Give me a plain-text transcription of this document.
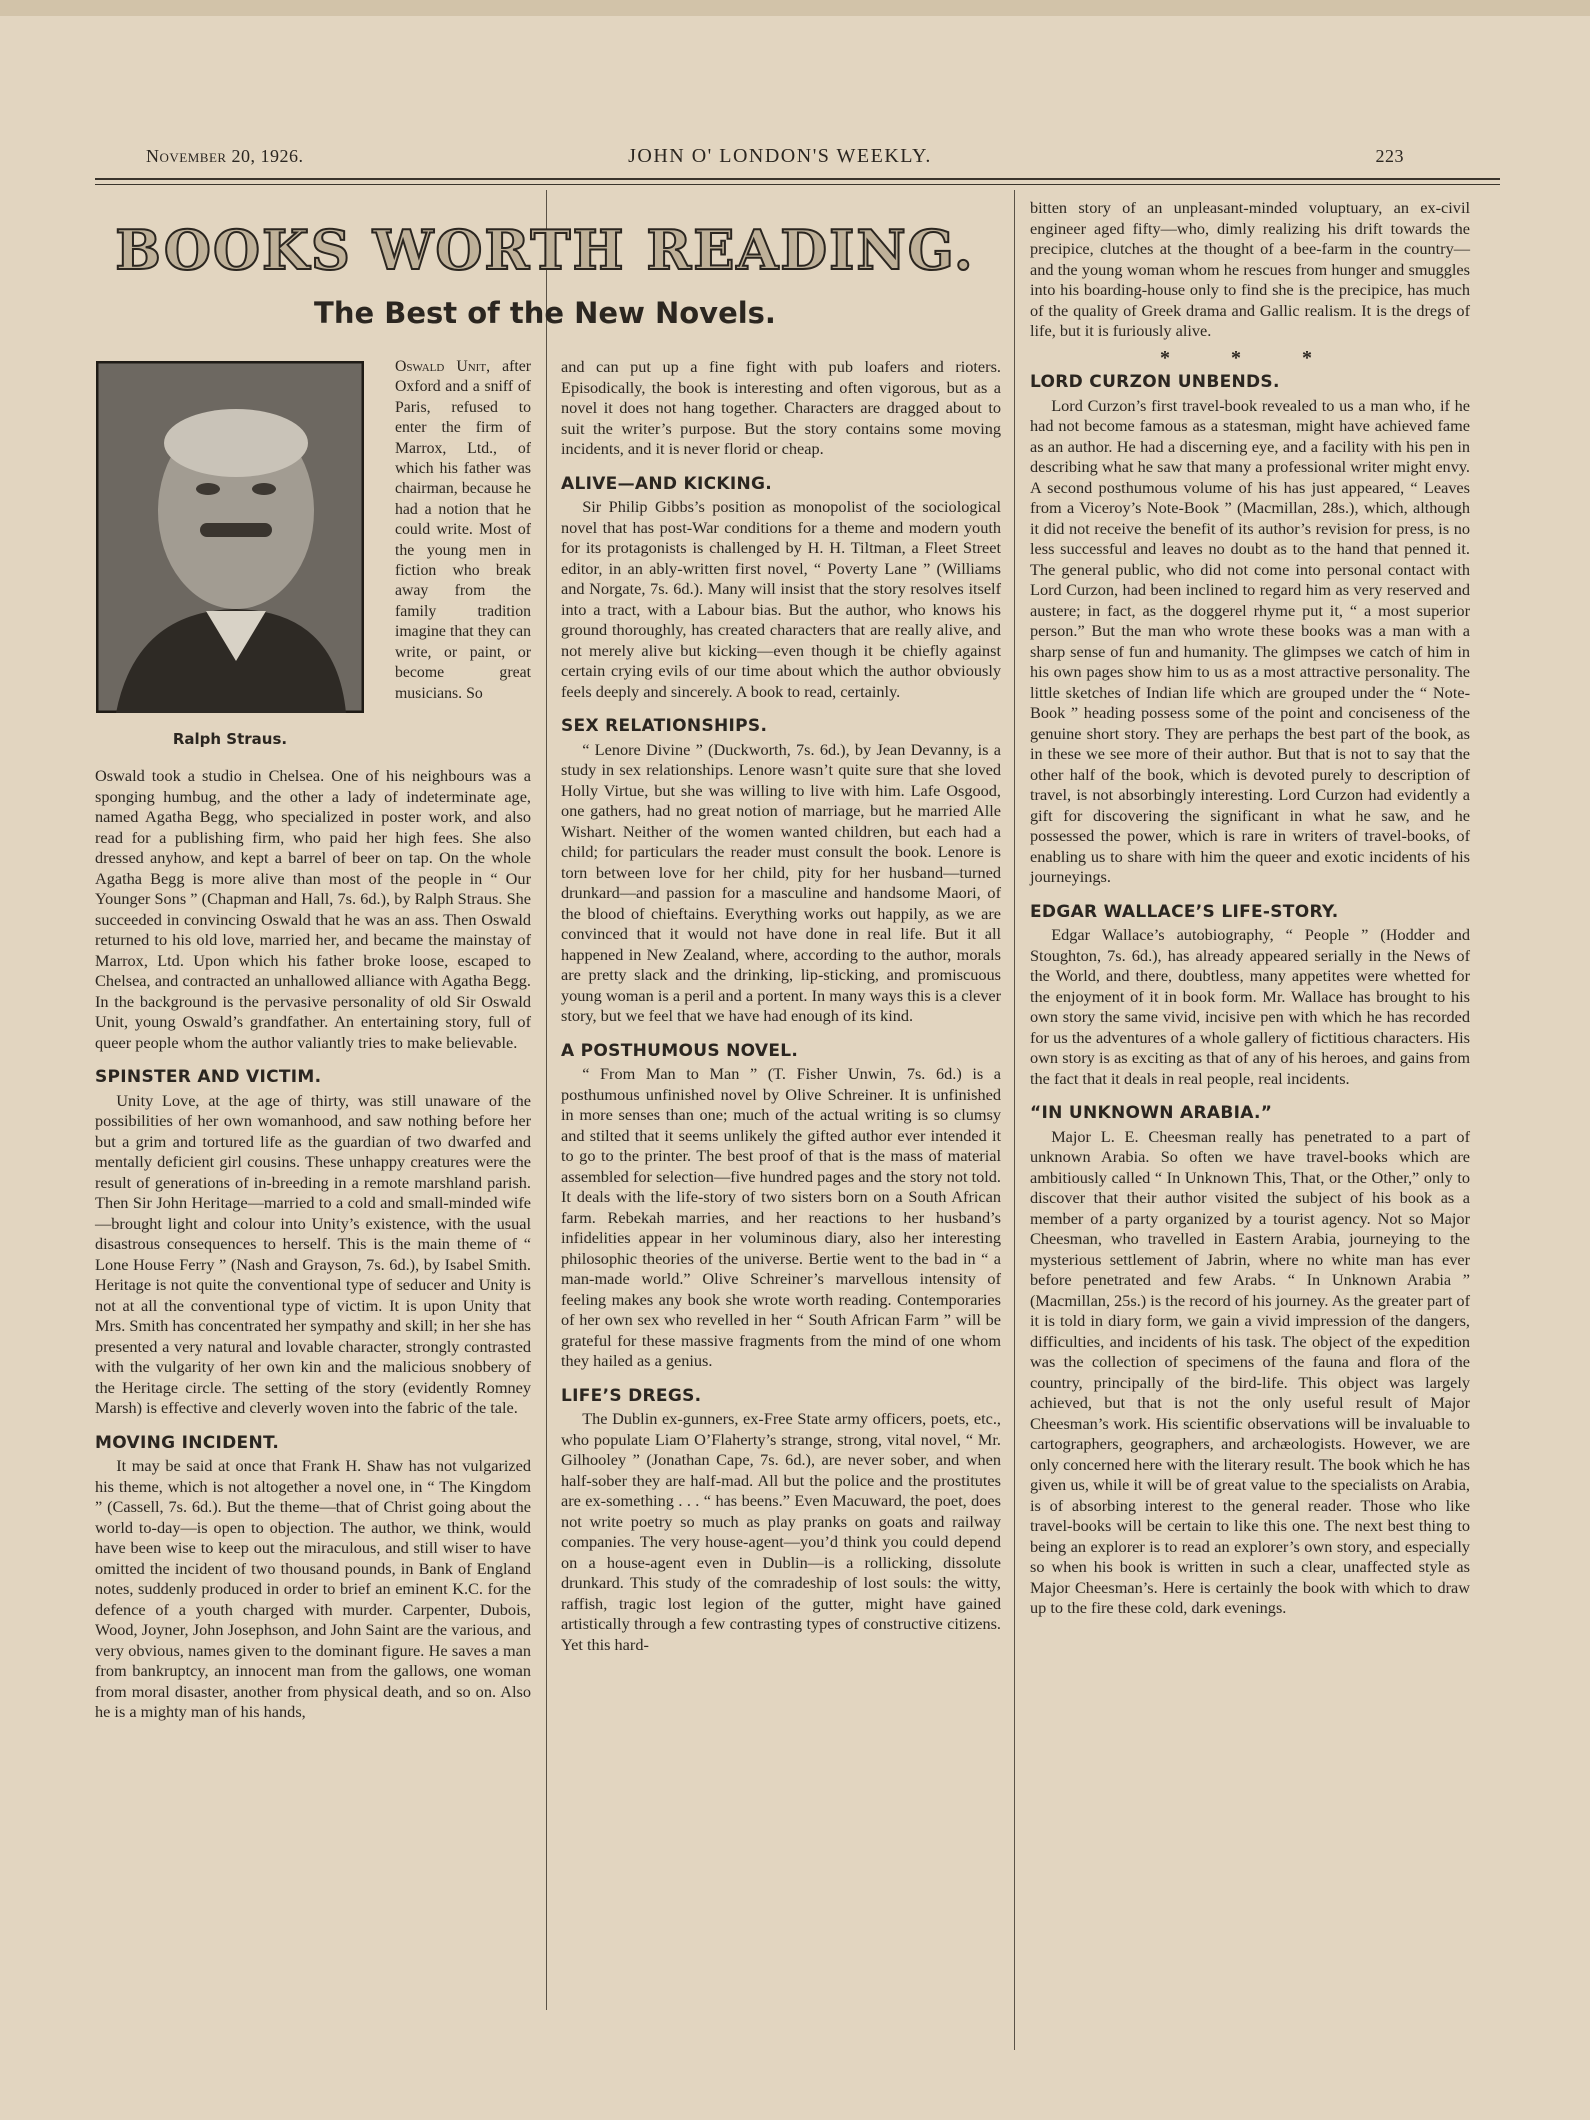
November 20, 1926.	JOHN O' LONDON'S WEEKLY.	223
BOOKS WORTH READING.
The Best of the New Novels.
Ralph Straus.

Oswald Unit, after Oxford and a sniff of Paris, refused to enter the firm of Marrox, Ltd., of which his father was chairman, because he had a notion that he could write. Most of the young men in fiction who break away from the family tradition imagine that they can write, or paint, or become great musicians. So

Oswald took a studio in Chelsea. One of his neighbours was a sponging humbug, and the other a lady of indeterminate age, named Agatha Begg, who specialized in poster work, and also read for a publishing firm, who paid her high fees. She also dressed anyhow, and kept a barrel of beer on tap. On the whole Agatha Begg is more alive than most of the people in “ Our Younger Sons ” (Chapman and Hall, 7s. 6d.), by Ralph Straus. She succeeded in convincing Oswald that he was an ass. Then Oswald returned to his old love, married her, and became the mainstay of Marrox, Ltd. Upon which his father broke loose, escaped to Chelsea, and contracted an unhallowed alliance with Agatha Begg. In the background is the pervasive personality of old Sir Oswald Unit, young Oswald’s grandfather. An entertaining story, full of queer people whom the author valiantly tries to make believable.

SPINSTER AND VICTIM.

Unity Love, at the age of thirty, was still unaware of the possibilities of her own womanhood, and saw nothing before her but a grim and tortured life as the guardian of two dwarfed and mentally deficient girl cousins. These unhappy creatures were the result of generations of in-breeding in a remote marshland parish. Then Sir John Heritage—married to a cold and small-minded wife—brought light and colour into Unity’s existence, with the usual disastrous consequences to herself. This is the main theme of “ Lone House Ferry ” (Nash and Grayson, 7s. 6d.), by Isabel Smith. Heritage is not quite the conventional type of seducer and Unity is not at all the conventional type of victim. It is upon Unity that Mrs. Smith has concentrated her sympathy and skill; in her she has presented a very natural and lovable character, strongly contrasted with the vulgarity of her own kin and the malicious snobbery of the Heritage circle. The setting of the story (evidently Romney Marsh) is effective and cleverly woven into the fabric of the tale.

MOVING INCIDENT.

It may be said at once that Frank H. Shaw has not vulgarized his theme, which is not altogether a novel one, in “ The Kingdom ” (Cassell, 7s. 6d.). But the theme—that of Christ going about the world to-day—is open to objection. The author, we think, would have been wise to keep out the miraculous, and still wiser to have omitted the incident of two thousand pounds, in Bank of England notes, suddenly produced in order to brief an eminent K.C. for the defence of a youth charged with murder. Carpenter, Dubois, Wood, Joyner, John Josephson, and John Saint are the various, and very obvious, names given to the dominant figure. He saves a man from bankruptcy, an innocent man from the gallows, one woman from moral disaster, another from physical death, and so on. Also he is a mighty man of his hands,

and can put up a fine fight with pub loafers and rioters. Episodically, the book is interesting and often vigorous, but as a novel it does not hang together. Characters are dragged about to suit the writer’s purpose. But the story contains some moving incidents, and it is never florid or cheap.

ALIVE—AND KICKING.

Sir Philip Gibbs’s position as monopolist of the sociological novel that has post-War conditions for a theme and modern youth for its protagonists is challenged by H. H. Tiltman, a Fleet Street editor, in an ably-written first novel, “ Poverty Lane ” (Williams and Norgate, 7s. 6d.). Many will insist that the story resolves itself into a tract, with a Labour bias. But the author, who knows his ground thoroughly, has created characters that are really alive, and not merely alive but kicking—even though it be chiefly against certain crying evils of our time about which the author obviously feels deeply and sincerely. A book to read, certainly.

SEX RELATIONSHIPS.

“ Lenore Divine ” (Duckworth, 7s. 6d.), by Jean Devanny, is a study in sex relationships. Lenore wasn’t quite sure that she loved Holly Virtue, but she was willing to live with him. Lafe Osgood, one gathers, had no great notion of marriage, but he married Alle Wishart. Neither of the women wanted children, but each had a child; for particulars the reader must consult the book. Lenore is torn between love for her child, pity for her husband—turned drunkard—and passion for a masculine and handsome Maori, of the blood of chieftains. Everything works out happily, as we are convinced that it would not have done in real life. But it all happened in New Zealand, where, according to the author, morals are pretty slack and the drinking, lip-sticking, and promiscuous young woman is a peril and a portent. In many ways this is a clever story, but we feel that we have had enough of its kind.

A POSTHUMOUS NOVEL.

“ From Man to Man ” (T. Fisher Unwin, 7s. 6d.) is a posthumous unfinished novel by Olive Schreiner. It is unfinished in more senses than one; much of the actual writing is so clumsy and stilted that it seems unlikely the gifted author ever intended it to go to the printer. The best proof of that is the mass of material assembled for selection—five hundred pages and the story not told. It deals with the life-story of two sisters born on a South African farm. Rebekah marries, and her reactions to her husband’s infidelities appear in her voluminous diary, also her interesting philosophic theories of the universe. Bertie went to the bad in “ a man-made world.” Olive Schreiner’s marvellous intensity of feeling makes any book she wrote worth reading. Contemporaries of her own sex who revelled in her “ South African Farm ” will be grateful for these massive fragments from the mind of one whom they hailed as a genius.

LIFE’S DREGS.

The Dublin ex-gunners, ex-Free State army officers, poets, etc., who populate Liam O’Flaherty’s strange, strong, vital novel, “ Mr. Gilhooley ” (Jonathan Cape, 7s. 6d.), are never sober, and when half-sober they are half-mad. All but the police and the prostitutes are ex-something . . . “ has beens.” Even Macuward, the poet, does not write poetry so much as play pranks on goats and railway companies. The very house-agent—you’d think you could depend on a house-agent even in Dublin—is a rollicking, dissolute drunkard. This study of the comradeship of lost souls: the witty, raffish, tragic lost legion of the gutter, might have gained artistically through a few contrasting types of constructive citizens. Yet this hard-

bitten story of an unpleasant-minded voluptuary, an ex-civil engineer aged fifty—who, dimly realizing his drift towards the precipice, clutches at the thought of a bee-farm in the country—and the young woman whom he rescues from hunger and smuggles into his boarding-house only to find she is the precipice, has much of the quality of Greek drama and Gallic realism. It is the dregs of life, but it is furiously alive.

* * *
LORD CURZON UNBENDS.

Lord Curzon’s first travel-book revealed to us a man who, if he had not become famous as a statesman, might have achieved fame as an author. He had a discerning eye, and a facility with his pen in describing what he saw that many a professional writer might envy. A second posthumous volume of his has just appeared, “ Leaves from a Viceroy’s Note-Book ” (Macmillan, 28s.), which, although it did not receive the benefit of its author’s revision for press, is no less successful and leaves no doubt as to the hand that penned it. The general public, who did not come into personal contact with Lord Curzon, had been inclined to regard him as very reserved and austere; in fact, as the doggerel rhyme put it, “ a most superior person.” But the man who wrote these books was a man with a sharp sense of fun and humanity. The glimpses we catch of him in his own pages show him to us as a most attractive personality. The little sketches of Indian life which are grouped under the “ Note-Book ” heading possess some of the point and conciseness of the genuine short story. They are perhaps the best part of the book, as in these we see more of their author. But that is not to say that the other half of the book, which is devoted purely to description of travel, is not absorbingly interesting. Lord Curzon had evidently a gift for discovering the significant in what he saw, and he possessed the power, which is rare in writers of travel-books, of enabling us to share with him the queer and exotic incidents of his journeyings.

EDGAR WALLACE’S LIFE-STORY.

Edgar Wallace’s autobiography, “ People ” (Hodder and Stoughton, 7s. 6d.), has already appeared serially in the News of the World, and there, doubtless, many appetites were whetted for the enjoyment of it in book form. Mr. Wallace has brought to his own story the same vivid, incisive pen with which he has recorded for us the adventures of a whole gallery of fictitious characters. His own story is as exciting as that of any of his heroes, and gains from the fact that it deals in real people, real incidents.

“IN UNKNOWN ARABIA.”

Major L. E. Cheesman really has penetrated to a part of unknown Arabia. So often we have travel-books which are ambitiously called “ In Unknown This, That, or the Other,” only to discover that their author visited the subject of his book as a member of a party organized by a tourist agency. Not so Major Cheesman, who travelled in Eastern Arabia, journeying to the mysterious settlement of Jabrin, where no white man has ever before penetrated and few Arabs. “ In Unknown Arabia ” (Macmillan, 25s.) is the record of his journey. As the greater part of it is told in diary form, we gain a vivid impression of the dangers, difficulties, and incidents of his task. The object of the expedition was the collection of specimens of the fauna and flora of the country, principally of the bird-life. This object was largely achieved, but that is not the only useful result of Major Cheesman’s work. His scientific observations will be invaluable to cartographers, geographers, and archæologists. However, we are only concerned here with the literary result. The book which he has given us, while it will be of great value to the specialists on Arabia, is of absorbing interest to the general reader. Those who like travel-books will be certain to like this one. The next best thing to being an explorer is to read an explorer’s own story, and especially so when his book is written in such a clear, unaffected style as Major Cheesman’s. Here is certainly the book with which to draw up to the fire these cold, dark evenings.
